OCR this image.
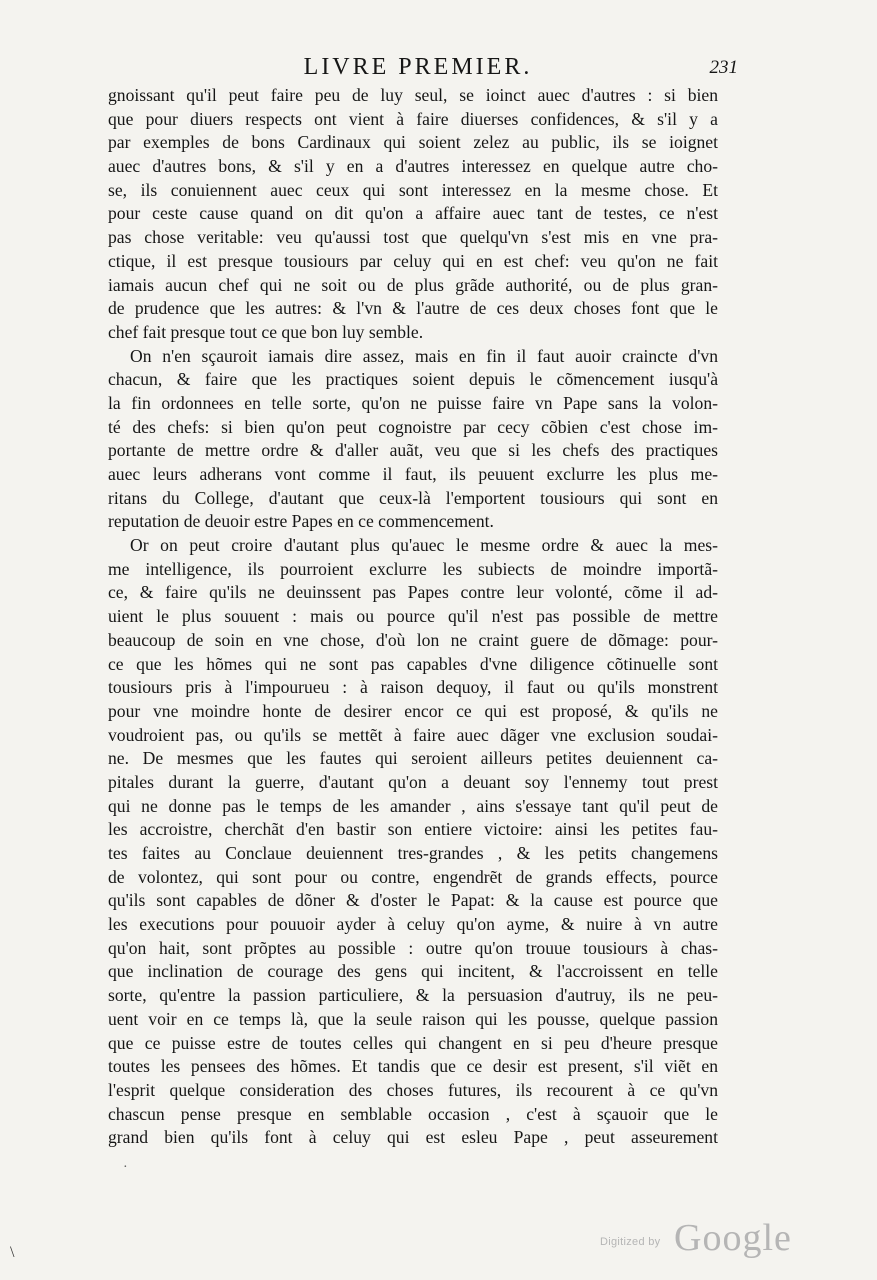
LIVRE PREMIER.	231
gnoissant qu'il peut faire peu de luy seul, se ioinct auec d'autres : si bien
que pour diuers respects ont vient à faire diuerses confidences, & s'il y a
par exemples de bons Cardinaux qui soient zelez au public, ils se ioignet
auec d'autres bons, & s'il y en a d'autres interessez en quelque autre cho-
se, ils conuiennent auec ceux qui sont interessez en la mesme chose. Et
pour ceste cause quand on dit qu'on a affaire auec tant de testes, ce n'est
pas chose veritable: veu qu'aussi tost que quelqu'vn s'est mis en vne pra-
ctique, il est presque tousiours par celuy qui en est chef: veu qu'on ne fait
iamais aucun chef qui ne soit ou de plus grãde authorité, ou de plus gran-
de prudence que les autres: & l'vn & l'autre de ces deux choses font que le
chef fait presque tout ce que bon luy semble.
On n'en sçauroit iamais dire assez, mais en fin il faut auoir craincte d'vn
chacun, & faire que les practiques soient depuis le cõmencement iusqu'à
la fin ordonnees en telle sorte, qu'on ne puisse faire vn Pape sans la volon-
té des chefs: si bien qu'on peut cognoistre par cecy cõbien c'est chose im-
portante de mettre ordre & d'aller auãt, veu que si les chefs des practiques
auec leurs adherans vont comme il faut, ils peuuent exclurre les plus me-
ritans du College, d'autant que ceux-là l'emportent tousiours qui sont en
reputation de deuoir estre Papes en ce commencement.
Or on peut croire d'autant plus qu'auec le mesme ordre & auec la mes-
me intelligence, ils pourroient exclurre les subiects de moindre importã-
ce, & faire qu'ils ne deuinssent pas Papes contre leur volonté, cõme il ad-
uient le plus souuent : mais ou pource qu'il n'est pas possible de mettre
beaucoup de soin en vne chose, d'où lon ne craint guere de dõmage: pour-
ce que les hõmes qui ne sont pas capables d'vne diligence cõtinuelle sont
tousiours pris à l'impourueu : à raison dequoy, il faut ou qu'ils monstrent
pour vne moindre honte de desirer encor ce qui est proposé, & qu'ils ne
voudroient pas, ou qu'ils se mettẽt à faire auec dãger vne exclusion soudai-
ne. De mesmes que les fautes qui seroient ailleurs petites deuiennent ca-
pitales durant la guerre, d'autant qu'on a deuant soy l'ennemy tout prest
qui ne donne pas le temps de les amander , ains s'essaye tant qu'il peut de
les accroistre, cherchãt d'en bastir son entiere victoire: ainsi les petites fau-
tes faites au Conclaue deuiennent tres-grandes , & les petits changemens
de volontez, qui sont pour ou contre, engendrẽt de grands effects, pource
qu'ils sont capables de dõner & d'oster le Papat: & la cause est pource que
les executions pour pouuoir ayder à celuy qu'on ayme, & nuire à vn autre
qu'on hait, sont prõptes au possible : outre qu'on trouue tousiours à chas-
que inclination de courage des gens qui incitent, & l'accroissent en telle
sorte, qu'entre la passion particuliere, & la persuasion d'autruy, ils ne peu-
uent voir en ce temps là, que la seule raison qui les pousse, quelque passion
que ce puisse estre de toutes celles qui changent en si peu d'heure presque
toutes les pensees des hõmes. Et tandis que ce desir est present, s'il viẽt en
l'esprit quelque consideration des choses futures, ils recourent à ce qu'vn
chascun pense presque en semblable occasion , c'est à sçauoir que le
grand bien qu'ils font à celuy qui est esleu Pape , peut asseurement
·
\
Digitized by Google
